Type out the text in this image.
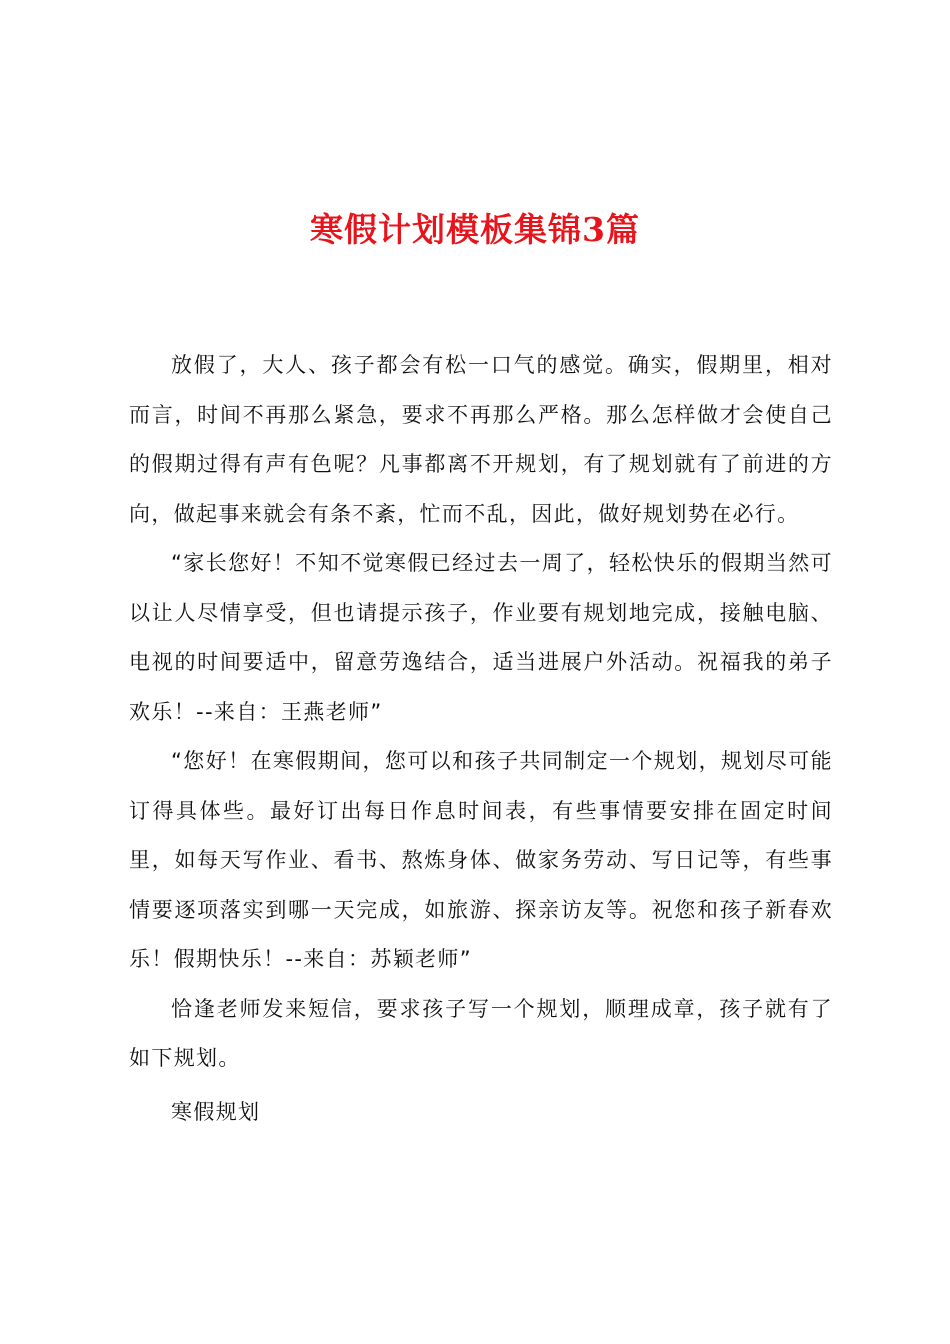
寒假计划模板集锦3篇

放假了，大人、孩子都会有松一口气的感觉。确实，假期里，相对而言，时间不再那么紧急，要求不再那么严格。那么怎样做才会使自己的假期过得有声有色呢？凡事都离不开规划，有了规划就有了前进的方向，做起事来就会有条不紊，忙而不乱，因此，做好规划势在必行。

“家长您好！不知不觉寒假已经过去一周了，轻松快乐的假期当然可以让人尽情享受，但也请提示孩子，作业要有规划地完成，接触电脑、电视的时间要适中，留意劳逸结合，适当进展户外活动。祝福我的弟子欢乐！--来自：王燕老师”

“您好！在寒假期间，您可以和孩子共同制定一个规划，规划尽可能订得具体些。最好订出每日作息时间表，有些事情要安排在固定时间里，如每天写作业、看书、熬炼身体、做家务劳动、写日记等，有些事情要逐项落实到哪一天完成，如旅游、探亲访友等。祝您和孩子新春欢乐！假期快乐！--来自：苏颖老师”

恰逢老师发来短信，要求孩子写一个规划，顺理成章，孩子就有了如下规划。

寒假规划
